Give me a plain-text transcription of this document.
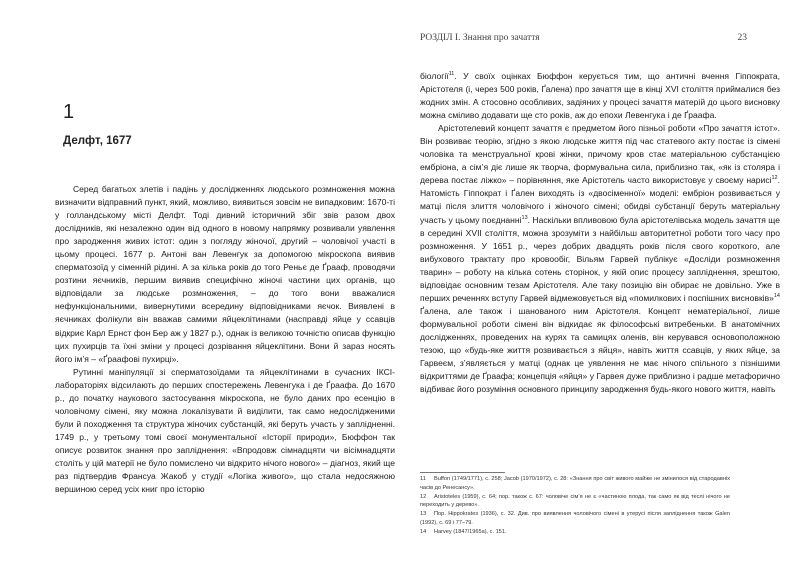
1
Делфт, 1677

Серед багатьох злетів і падінь у дослідженнях людського розмноження можна визначити відправний пункт, який, можливо, виявиться зовсім не випадковим: 1670-ті у голландському місті Делфт. Тоді дивний історичний збіг звів разом двох дослідників, які незалежно один від одного в новому напрямку розвивали уявлення про зародження живих істот: один з погляду жіночої, другий – чоловічої участі в цьому процесі. 1677 р. Антоні ван Левенгук за допомогою мікроскопа виявив сперматозоїд у сіменній рідині. А за кілька років до того Реньє де Ґрааф, проводячи розтини яєчників, першим виявив специфічно жіночі частини цих органів, що відповідали за людське розмноження, – до того вони вважалися нефункціональними, вивернутими всередину відповідниками яєчок. Виявлені в яєчниках фолікули він вважав самими яйцеклітинами (насправді яйце у ссавців відкриє Карл Ернст фон Бер аж у 1827 р.), однак із великою точністю описав функцію цих пухирців та їхні зміни у процесі дозрівання яйцеклітини. Вони й зараз носять його ім’я – «Ґраафові пухирці».

Рутинні маніпуляції зі сперматозоїдами та яйцеклітинами в сучасних ІКСІ-лабораторіях відсилають до перших спостережень Левенгука і де Ґраафа. До 1670 р., до початку наукового застосування мікроскопа, не було даних про есенцію в чоловічому сімені, яку можна локалізувати й виділити, так само недослідженими були й походження та структура жіночих субстанцій, які беруть участь у заплідненні. 1749 р., у третьому томі своєї монументальної «Історії природи», Бюффон так описує розвиток знання про запліднення: «Впродовж сімнадцяти чи вісімнадцяти століть у цій матерії не було помислено чи відкрито нічого нового» – діагноз, який ще раз підтвердив Франсуа Жакоб у студії «Логіка живого», що стала недосяжною вершиною серед усіх книг про історію

РОЗДІЛ I. Знання про зачаття	23

біології$^{11}$. У своїх оцінках Бюффон керується тим, що античні вчення Гіппократа, Арістотеля (і, через 500 років, Ґалена) про зачаття ще в кінці XVI століття приймалися без жодних змін. А стосовно особливих, задіяних у процесі зачаття матерій до цього висновку можна сміливо додавати ще сто років, аж до епохи Левенгука і де Ґраафа.

Арістотелевий концепт зачаття є предметом його пізньої роботи «Про зачаття істот». Він розвиває теорію, згідно з якою людське життя під час статевого акту постає із сімені чоловіка та менструальної крові жінки, причому кров стає матеріальною субстанцією ембріона, а сім’я діє лише як творча, формувальна сила, приблизно так, «як із столяра і дерева постає ліжко» – порівняння, яке Арістотель часто використовує у своєму нарисі$^{12}$. Натомість Гіппократ і Ґален виходять із «двосіменної» моделі: ембріон розвивається у матці після злиття чоловічого і жіночого сімені; обидві субстанції беруть матеріальну участь у цьому поєднанні$^{13}$. Наскільки впливовою була арістотелівська модель зачаття ще в середині XVII століття, можна зрозуміти з найбільш авторитетної роботи того часу про розмноження. У 1651 р., через добрих двадцять років після свого короткого, але вибухового трактату про кровообіг, Вільям Гарвей публікує «Досліди розмноження тварин» – роботу на кілька сотень сторінок, у якій опис процесу запліднення, зрештою, відповідає основним тезам Арістотеля. Але таку позицію він обирає не довільно. Уже в перших реченнях вступу Гарвей відмежовується від «помилкових і поспішних висновків»$^{14}$ Ґалена, але також і шанованого ним Арістотеля. Концепт нематеріальної, лише формувальної роботи сімені він відкидає як філософські витребеньки. В анатомічних дослідженнях, проведених на курях та самицях оленів, він керувався основоположною тезою, що «будь-яке життя розвивається з яйця», навіть життя ссавців, у яких яйце, за Гарвеєм, з’являється у матці (однак це уявлення не має нічого спільного з пізнішими відкриттями де Ґраафа; концепція «яйця» у Гарвея дуже приблизно і радше метафорично відбиває його розуміння основного принципу зародження будь-якого нового життя, навіть

11 Buffon (1749/1771), с. 258; Jacob (1970/1972), с. 28: «Знання про світ живого майже не змінилося від стародавніх часів до Ренесансу».
12 Aristoteles (1959), с. 64; пор. також с. 67: чоловіче сім’я не є «частиною плода, так само як від теслі нічого не переходить у дерево».
13 Пор. Hippokrates (1936), с. 32. Див. про виявлення чоловічого сімені в утерусі після запліднення також Galen (1992), с. 69 і 77–79.
14 Harvey (1847/1965a), с. 151.
